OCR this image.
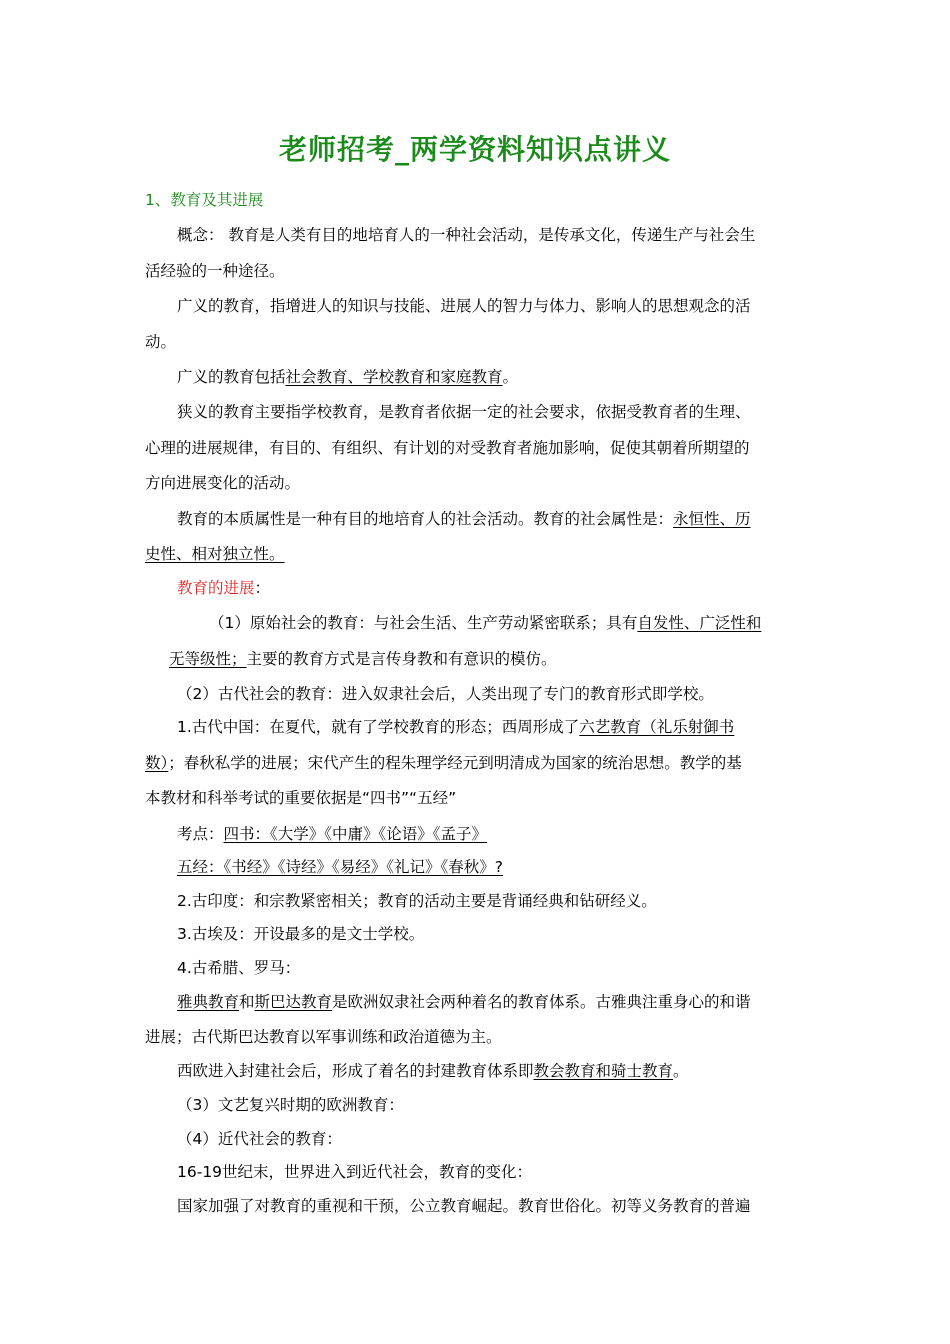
老师招考_两学资料知识点讲义
1、教育及其进展
概念： 教育是人类有目的地培育人的一种社会活动，是传承文化，传递生产与社会生
活经验的一种途径。
广义的教育，指增进人的知识与技能、进展人的智力与体力、影响人的思想观念的活
动。
广义的教育包括社会教育、学校教育和家庭教育。
狭义的教育主要指学校教育，是教育者依据一定的社会要求，依据受教育者的生理、
心理的进展规律，有目的、有组织、有计划的对受教育者施加影响，促使其朝着所期望的
方向进展变化的活动。
教育的本质属性是一种有目的地培育人的社会活动。教育的社会属性是：永恒性、历
史性、相对独立性。
教育的进展：
（1）原始社会的教育：与社会生活、生产劳动紧密联系；具有自发性、广泛性和
无等级性；主要的教育方式是言传身教和有意识的模仿。
（2）古代社会的教育：进入奴隶社会后，人类出现了专门的教育形式即学校。
1.古代中国：在夏代，就有了学校教育的形态；西周形成了六艺教育（礼乐射御书
数）；春秋私学的进展；宋代产生的程朱理学经元到明清成为国家的统治思想。教学的基
本教材和科举考试的重要依据是“四书”“五经”
考点：四书：《大学》《中庸》《论语》《孟子》
五经：《书经》《诗经》《易经》《礼记》《春秋》?
2.古印度：和宗教紧密相关；教育的活动主要是背诵经典和钻研经义。
3.古埃及：开设最多的是文士学校。
4.古希腊、罗马：
雅典教育和斯巴达教育是欧洲奴隶社会两种着名的教育体系。古雅典注重身心的和谐
进展；古代斯巴达教育以军事训练和政治道德为主。
西欧进入封建社会后，形成了着名的封建教育体系即教会教育和骑士教育。
（3）文艺复兴时期的欧洲教育：
（4）近代社会的教育：
16-19世纪末，世界进入到近代社会，教育的变化：
国家加强了对教育的重视和干预，公立教育崛起。教育世俗化。初等义务教育的普遍
